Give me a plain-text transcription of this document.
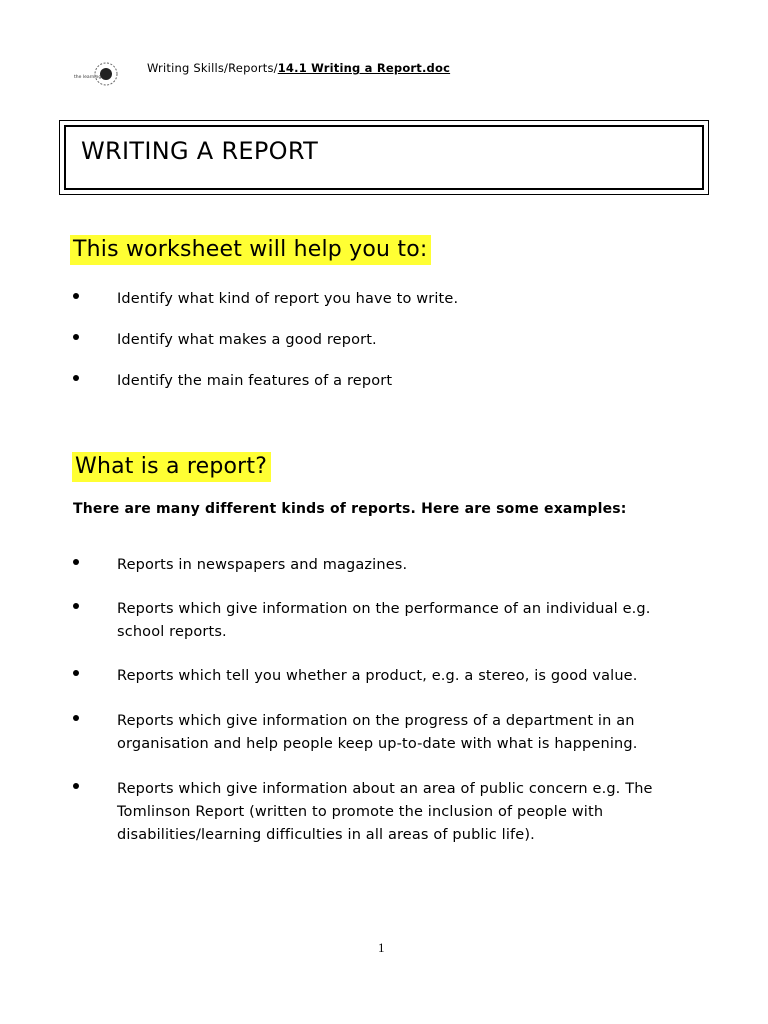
the learning
Writing Skills/Reports/14.1 Writing a Report.doc
WRITING A REPORT
This worksheet will help you to:
Identify what kind of report you have to write.
Identify what makes a good report.
Identify the main features of a report
What is a report?
There are many different kinds of reports. Here are some examples:
Reports in newspapers and magazines.
Reports which give information on the performance of an individual e.g. school reports.
Reports which tell you whether a product, e.g. a stereo, is good value.
Reports which give information on the progress of a department in an organisation and help people keep up-to-date with what is happening.
Reports which give information about an area of public concern e.g. The Tomlinson Report (written to promote the inclusion of people with disabilities/learning difficulties in all areas of public life).
1
